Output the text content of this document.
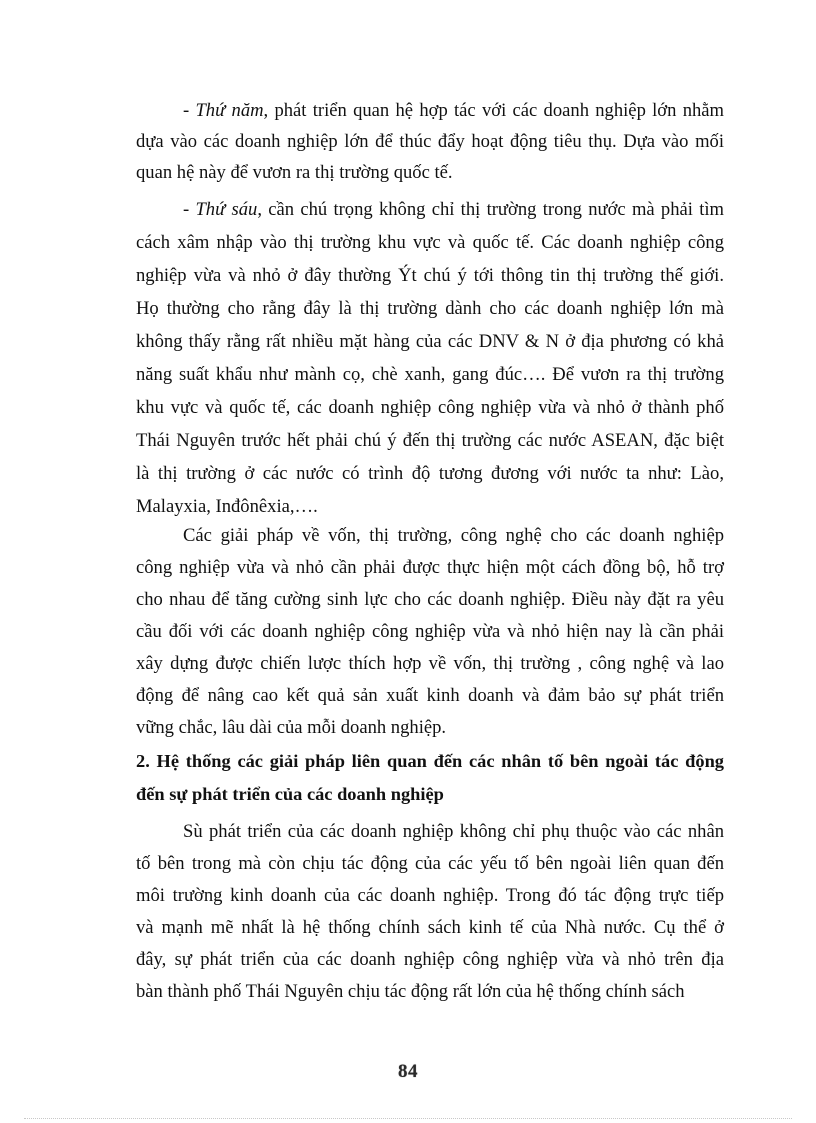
- Thứ năm, phát triển quan hệ hợp tác với các doanh nghiệp lớn nhằm
dựa vào các doanh nghiệp lớn để thúc đẩy hoạt động tiêu thụ. Dựa vào mối
quan hệ này để vươn ra thị trường quốc tế.
- Thứ sáu, cần chú trọng không chỉ thị trường trong nước mà phải tìm
cách xâm nhập vào thị trường khu vực và quốc tế. Các doanh nghiệp công
nghiệp vừa và nhỏ ở đây thường Ýt chú ý tới thông tin thị trường thế giới.
Họ thường cho rằng đây là thị trường dành cho các doanh nghiệp lớn mà
không thấy rằng rất nhiều mặt hàng của các DNV & N ở địa phương có khả
năng suất khẩu như mành cọ, chè xanh, gang đúc…. Để vươn ra thị trường
khu vực và quốc tế, các doanh nghiệp công nghiệp vừa và nhỏ ở thành phố
Thái Nguyên trước hết phải chú ý đến thị trường các nước ASEAN, đặc biệt
là thị trường ở các nước có trình độ tương đương với nước ta như: Lào,
Malayxia, Inđônêxia,….
Các giải pháp về vốn, thị trường, công nghệ cho các doanh nghiệp
công nghiệp vừa và nhỏ cần phải được thực hiện một cách đồng bộ, hỗ trợ
cho nhau để tăng cường sinh lực cho các doanh nghiệp. Điều này đặt ra yêu
cầu đối với các doanh nghiệp công nghiệp vừa và nhỏ hiện nay là cần phải
xây dựng được chiến lược thích hợp về vốn, thị trường , công nghệ và lao
động để nâng cao kết quả sản xuất kinh doanh và đảm bảo sự phát triển
vững chắc, lâu dài của mỗi doanh nghiệp.
2. Hệ thống các giải pháp liên quan đến các nhân tố bên ngoài tác động
đến sự phát triển của các doanh nghiệp
Sù phát triển của các doanh nghiệp không chỉ phụ thuộc vào các nhân
tố bên trong mà còn chịu tác động của các yếu tố bên ngoài liên quan đến
môi trường kinh doanh của các doanh nghiệp. Trong đó tác động trực tiếp
và mạnh mẽ nhất là hệ thống chính sách kinh tế của Nhà nước. Cụ thể ở
đây, sự phát triển của các doanh nghiệp công nghiệp vừa và nhỏ trên địa
bàn thành phố Thái Nguyên chịu tác động rất lớn của hệ thống chính sách
84
